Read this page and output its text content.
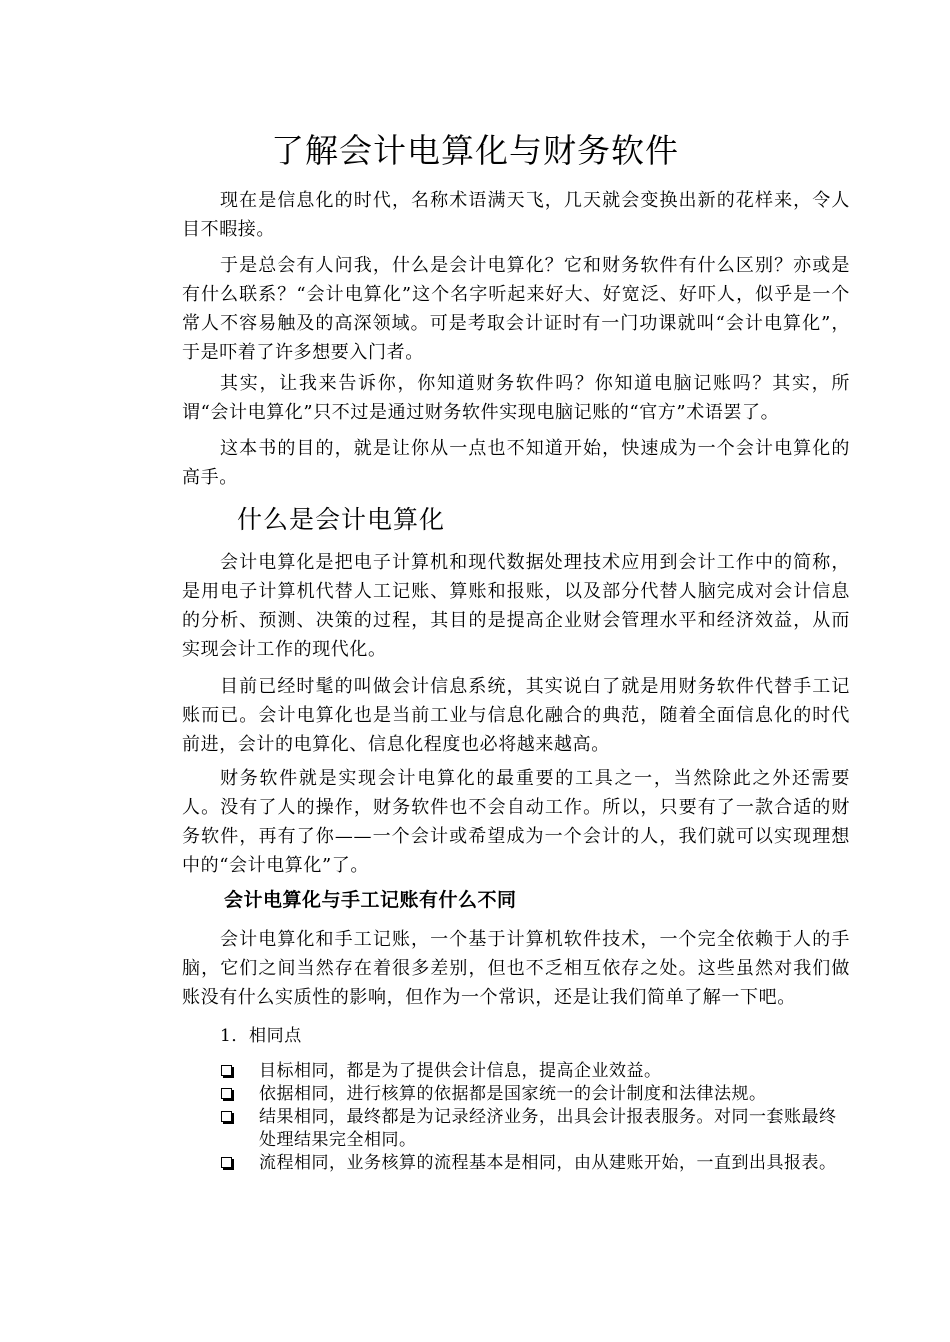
了解会计电算化与财务软件

现在是信息化的时代，名称术语满天飞，几天就会变换出新的花样来，令人目不暇接。

于是总会有人问我，什么是会计电算化？它和财务软件有什么区别？亦或是有什么联系？“会计电算化”这个名字听起来好大、好宽泛、好吓人，似乎是一个常人不容易触及的高深领域。可是考取会计证时有一门功课就叫“会计电算化”，于是吓着了许多想要入门者。

其实，让我来告诉你，你知道财务软件吗？你知道电脑记账吗？其实，所谓“会计电算化”只不过是通过财务软件实现电脑记账的“官方”术语罢了。

这本书的目的，就是让你从一点也不知道开始，快速成为一个会计电算化的高手。

什么是会计电算化

会计电算化是把电子计算机和现代数据处理技术应用到会计工作中的简称，是用电子计算机代替人工记账、算账和报账，以及部分代替人脑完成对会计信息的分析、预测、决策的过程，其目的是提高企业财会管理水平和经济效益，从而实现会计工作的现代化。

目前已经时髦的叫做会计信息系统，其实说白了就是用财务软件代替手工记账而已。会计电算化也是当前工业与信息化融合的典范，随着全面信息化的时代前进，会计的电算化、信息化程度也必将越来越高。

财务软件就是实现会计电算化的最重要的工具之一，当然除此之外还需要人。没有了人的操作，财务软件也不会自动工作。所以，只要有了一款合适的财务软件，再有了你——一个会计或希望成为一个会计的人，我们就可以实现理想中的“会计电算化”了。

会计电算化与手工记账有什么不同

会计电算化和手工记账，一个基于计算机软件技术，一个完全依赖于人的手脑，它们之间当然存在着很多差别，但也不乏相互依存之处。这些虽然对我们做账没有什么实质性的影响，但作为一个常识，还是让我们简单了解一下吧。

1．相同点

目标相同，都是为了提供会计信息，提高企业效益。
依据相同，进行核算的依据都是国家统一的会计制度和法律法规。
结果相同，最终都是为记录经济业务，出具会计报表服务。对同一套账最终处理结果完全相同。
流程相同，业务核算的流程基本是相同，由从建账开始，一直到出具报表。
